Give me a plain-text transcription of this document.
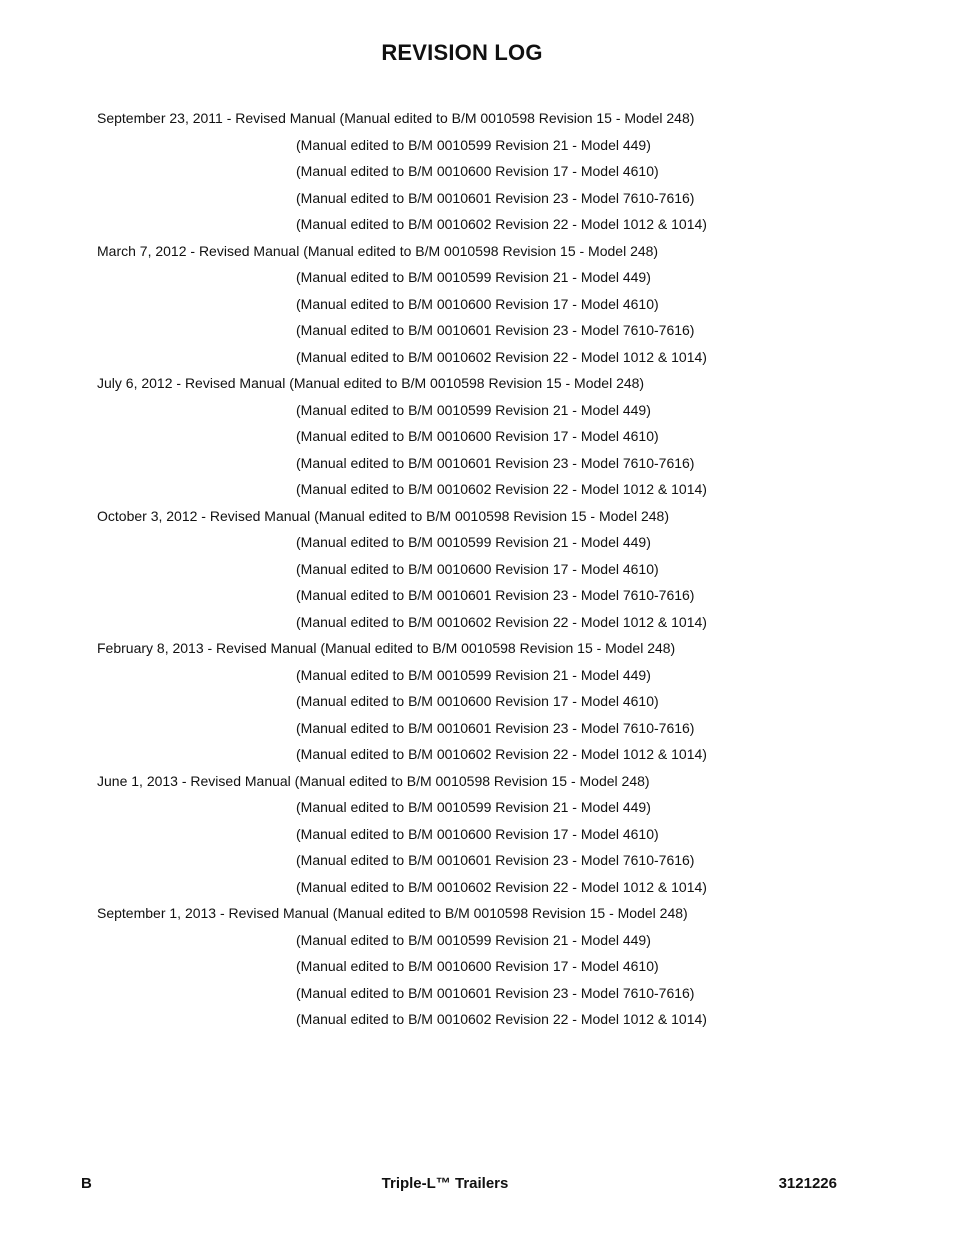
REVISION LOG
September 23, 2011 - Revised Manual (Manual edited to B/M 0010598 Revision 15 - Model 248)
(Manual edited to B/M 0010599 Revision 21 - Model 449)
(Manual edited to B/M 0010600 Revision 17 - Model 4610)
(Manual edited to B/M 0010601 Revision 23 - Model 7610-7616)
(Manual edited to B/M 0010602 Revision 22 - Model 1012 & 1014)
March 7, 2012 - Revised Manual (Manual edited to B/M 0010598 Revision 15 - Model 248)
(Manual edited to B/M 0010599 Revision 21 - Model 449)
(Manual edited to B/M 0010600 Revision 17 - Model 4610)
(Manual edited to B/M 0010601 Revision 23 - Model 7610-7616)
(Manual edited to B/M 0010602 Revision 22 - Model 1012 & 1014)
July 6, 2012 - Revised Manual (Manual edited to B/M 0010598 Revision 15 - Model 248)
(Manual edited to B/M 0010599 Revision 21 - Model 449)
(Manual edited to B/M 0010600 Revision 17 - Model 4610)
(Manual edited to B/M 0010601 Revision 23 - Model 7610-7616)
(Manual edited to B/M 0010602 Revision 22 - Model 1012 & 1014)
October 3, 2012 - Revised Manual (Manual edited to B/M 0010598 Revision 15 - Model 248)
(Manual edited to B/M 0010599 Revision 21 - Model 449)
(Manual edited to B/M 0010600 Revision 17 - Model 4610)
(Manual edited to B/M 0010601 Revision 23 - Model 7610-7616)
(Manual edited to B/M 0010602 Revision 22 - Model 1012 & 1014)
February 8, 2013 - Revised Manual (Manual edited to B/M 0010598 Revision 15 - Model 248)
(Manual edited to B/M 0010599 Revision 21 - Model 449)
(Manual edited to B/M 0010600 Revision 17 - Model 4610)
(Manual edited to B/M 0010601 Revision 23 - Model 7610-7616)
(Manual edited to B/M 0010602 Revision 22 - Model 1012 & 1014)
June 1, 2013 - Revised Manual (Manual edited to B/M 0010598 Revision 15 - Model 248)
(Manual edited to B/M 0010599 Revision 21 - Model 449)
(Manual edited to B/M 0010600 Revision 17 - Model 4610)
(Manual edited to B/M 0010601 Revision 23 - Model 7610-7616)
(Manual edited to B/M 0010602 Revision 22 - Model 1012 & 1014)
September 1, 2013 - Revised Manual (Manual edited to B/M 0010598 Revision 15 - Model 248)
(Manual edited to B/M 0010599 Revision 21 - Model 449)
(Manual edited to B/M 0010600 Revision 17 - Model 4610)
(Manual edited to B/M 0010601 Revision 23 - Model 7610-7616)
(Manual edited to B/M 0010602 Revision 22 - Model 1012 & 1014)
B	Triple-L™ Trailers	3121226
